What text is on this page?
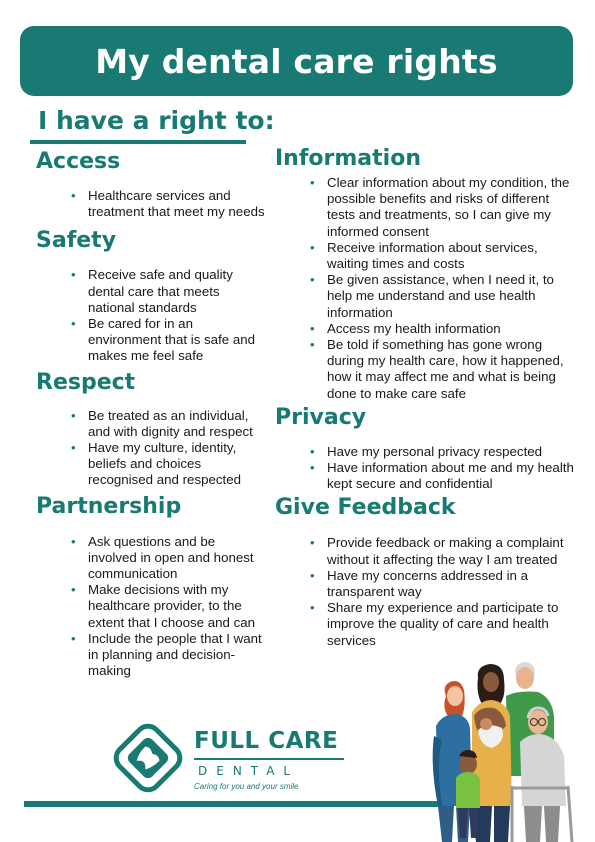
My dental care rights
I have a right to:
Access
• Healthcare services and treatment that meet my needs
Safety
• Receive safe and quality dental care that meets national standards
• Be cared for in an environment that is safe and makes me feel safe
Respect
• Be treated as an individual, and with dignity and respect
• Have my culture, identity, beliefs and choices recognised and respected
Partnership
• Ask questions and be involved in open and honest communication
• Make decisions with my healthcare provider, to the extent that I choose and can
• Include the people that I want in planning and decision-making
Information
• Clear information about my condition, the possible benefits and risks of different tests and treatments, so I can give my informed consent
• Receive information about services, waiting times and costs
• Be given assistance, when I need it, to help me understand and use health information
• Access my health information
• Be told if something has gone wrong during my health care, how it happened, how it may affect me and what is being done to make care safe
Privacy
• Have my personal privacy respected
• Have information about me and my health kept secure and confidential
Give Feedback
• Provide feedback or making a complaint without it affecting the way I am treated
• Have my concerns addressed in a transparent way
• Share my experience and participate to improve the quality of care and health services
FULL CARE
DENTAL
Caring for you and your smile
